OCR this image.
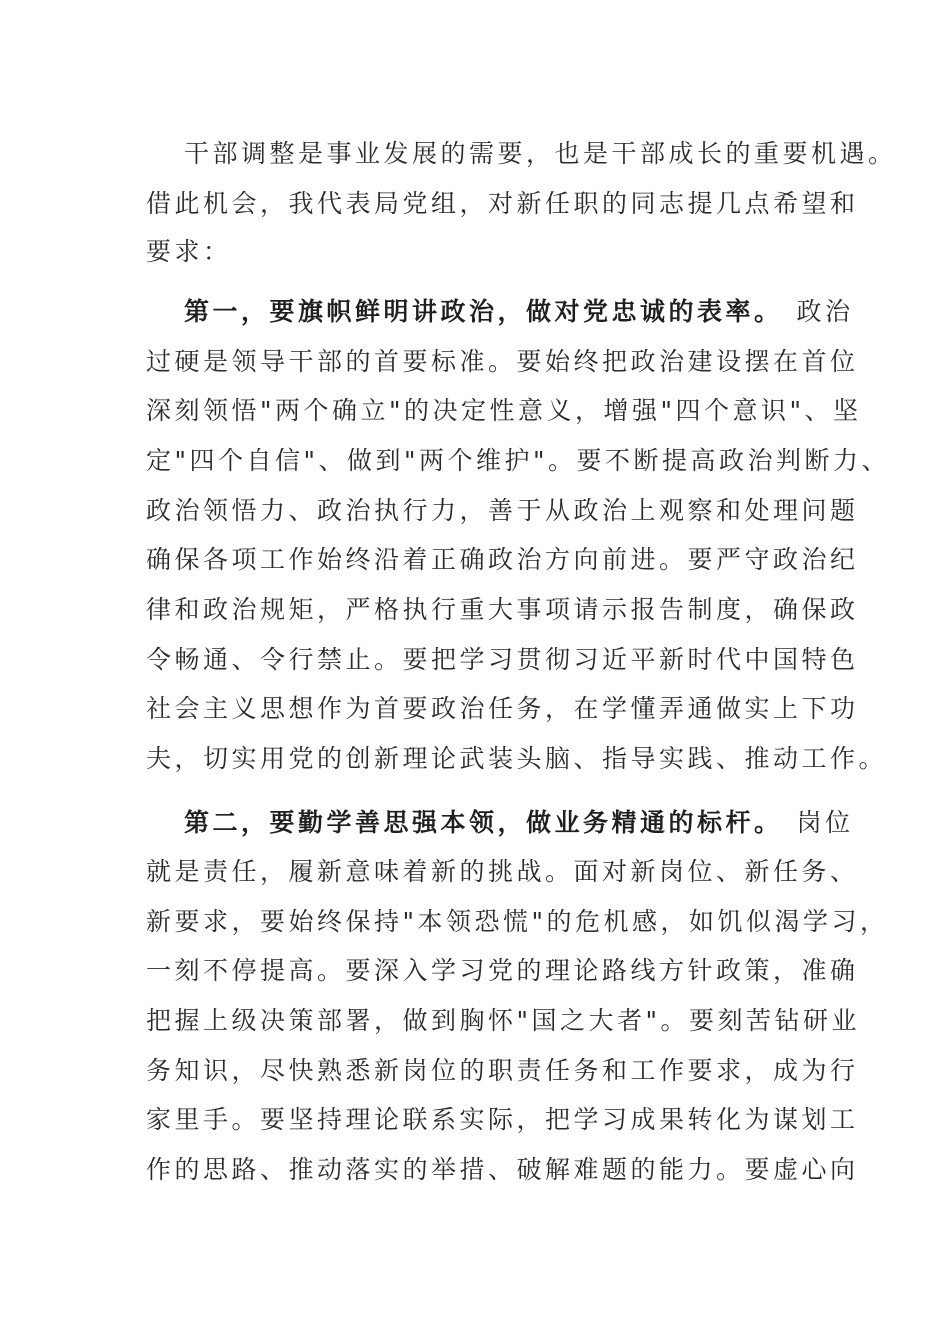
干部调整是事业发展的需要，也是干部成长的重要机遇。
借此机会，我代表局党组，对新任职的同志提几点希望和
要求：
第一，要旗帜鲜明讲政治，做对党忠诚的表率。 政治
过硬是领导干部的首要标准。要始终把政治建设摆在首位
深刻领悟"两个确立"的决定性意义，增强"四个意识"、坚
定"四个自信"、做到"两个维护"。要不断提高政治判断力、
政治领悟力、政治执行力，善于从政治上观察和处理问题
确保各项工作始终沿着正确政治方向前进。要严守政治纪
律和政治规矩，严格执行重大事项请示报告制度，确保政
令畅通、令行禁止。要把学习贯彻习近平新时代中国特色
社会主义思想作为首要政治任务，在学懂弄通做实上下功
夫，切实用党的创新理论武装头脑、指导实践、推动工作。
第二，要勤学善思强本领，做业务精通的标杆。 岗位
就是责任，履新意味着新的挑战。面对新岗位、新任务、
新要求，要始终保持"本领恐慌"的危机感，如饥似渴学习，
一刻不停提高。要深入学习党的理论路线方针政策，准确
把握上级决策部署，做到胸怀"国之大者"。要刻苦钻研业
务知识，尽快熟悉新岗位的职责任务和工作要求，成为行
家里手。要坚持理论联系实际，把学习成果转化为谋划工
作的思路、推动落实的举措、破解难题的能力。要虚心向
